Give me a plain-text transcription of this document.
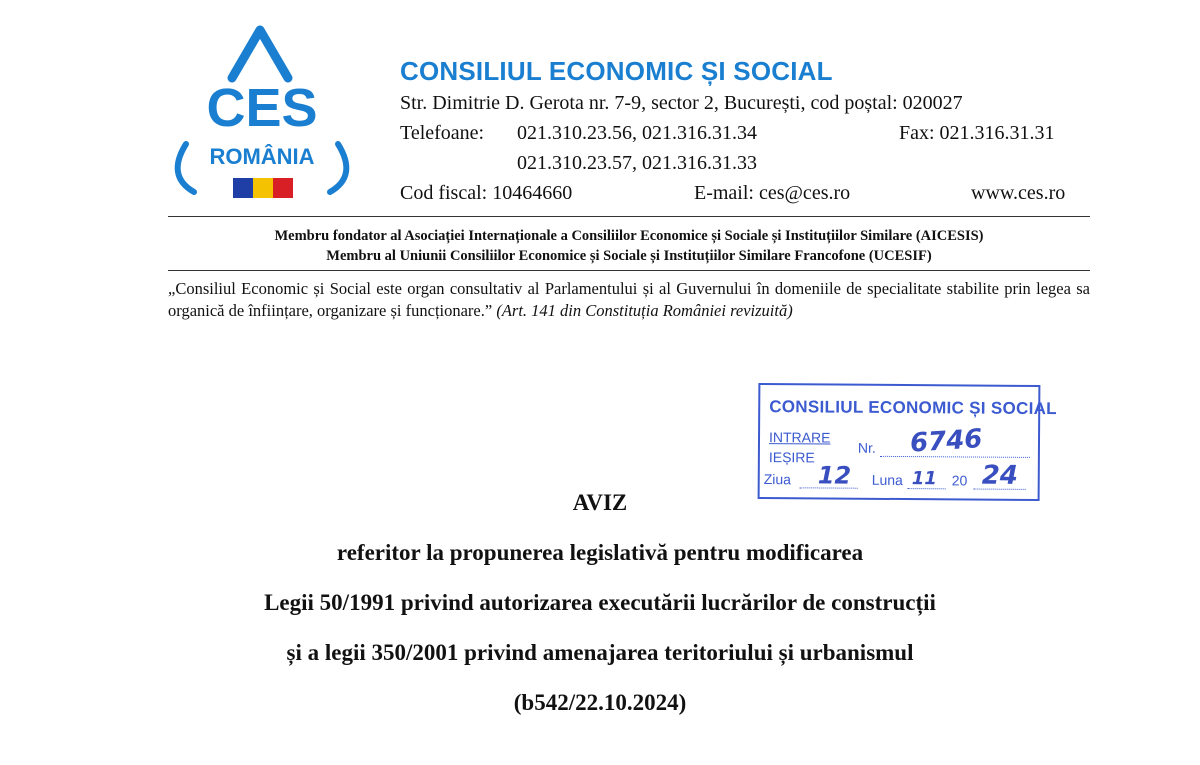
CES
ROMÂNIA
CONSILIUL ECONOMIC ȘI SOCIAL
Str. Dimitrie D. Gerota nr. 7-9, sector 2, București, cod poștal: 020027
Telefoane: 021.310.23.56, 021.316.31.34	Fax: 021.316.31.31
021.310.23.57, 021.316.31.33
Cod fiscal: 10464660	E-mail: ces@ces.ro	www.ces.ro
Membru fondator al Asociației Internaționale a Consiliilor Economice și Sociale și Instituțiilor Similare (AICESIS)
Membru al Uniunii Consiliilor Economice și Sociale și Instituțiilor Similare Francofone (UCESIF)
„Consiliul Economic și Social este organ consultativ al Parlamentului și al Guvernului în domeniile de specialitate stabilite prin legea sa organică de înființare, organizare și funcționare.” (Art. 141 din Constituția României revizuită)
CONSILIUL ECONOMIC ȘI SOCIAL
INTRARE
IEȘIRE
Nr. 6746
Ziua 12 Luna 11 20 24
AVIZ
referitor la propunerea legislativă pentru modificarea
Legii 50/1991 privind autorizarea executării lucrărilor de construcții
și a legii 350/2001 privind amenajarea teritoriului și urbanismul
(b542/22.10.2024)
